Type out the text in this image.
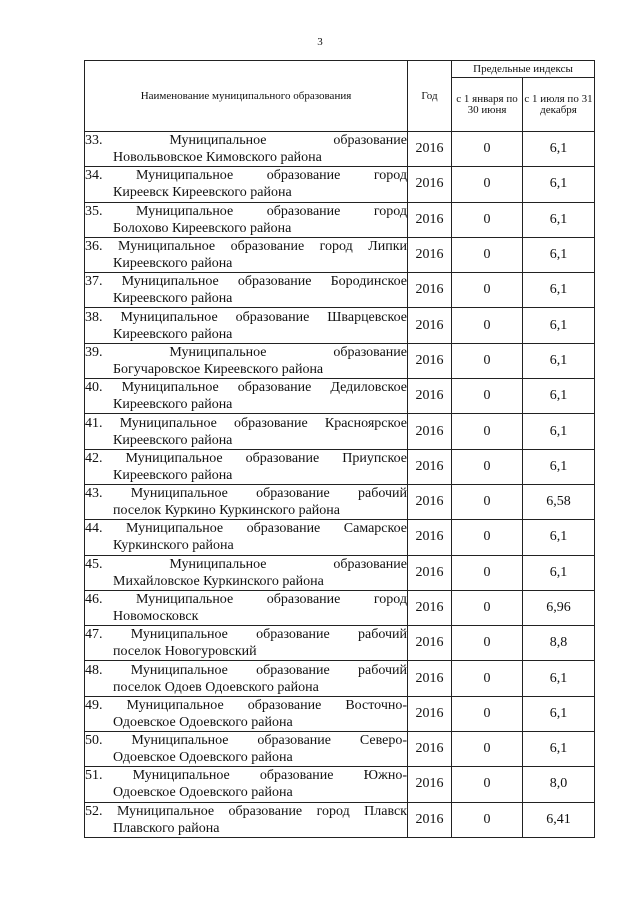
3
Наименование муниципального образования	Год	Предельные индексы	
		с 1 января по 30 июня	с 1 июля по 31 декабря

33. Муниципальное образование
Новольвовское Кимовского района	2016	0	6,1

34. Муниципальное образование город
Киреевск Киреевского района	2016	0	6,1

35. Муниципальное образование город
Болохово Киреевского района	2016	0	6,1

36. Муниципальное образование город Липки
Киреевского района	2016	0	6,1

37. Муниципальное образование Бородинское
Киреевского района	2016	0	6,1

38. Муниципальное образование Шварцевское
Киреевского района	2016	0	6,1

39. Муниципальное образование
Богучаровское Киреевского района	2016	0	6,1

40. Муниципальное образование Дедиловское
Киреевского района	2016	0	6,1

41. Муниципальное образование Красноярское
Киреевского района	2016	0	6,1

42. Муниципальное образование Приупское
Киреевского района	2016	0	6,1

43. Муниципальное образование рабочий
поселок Куркино Куркинского района	2016	0	6,58

44. Муниципальное образование Самарское
Куркинского района	2016	0	6,1

45. Муниципальное образование
Михайловское Куркинского района	2016	0	6,1

46. Муниципальное образование город
Новомосковск	2016	0	6,96

47. Муниципальное образование рабочий
поселок Новогуровский	2016	0	8,8

48. Муниципальное образование рабочий
поселок Одоев Одоевского района	2016	0	6,1

49. Муниципальное образование Восточно-
Одоевское Одоевского района	2016	0	6,1

50. Муниципальное образование Северо-
Одоевское Одоевского района	2016	0	6,1

51. Муниципальное образование Южно-
Одоевское Одоевского района	2016	0	8,0

52. Муниципальное образование город Плавск
Плавского района	2016	0	6,41
